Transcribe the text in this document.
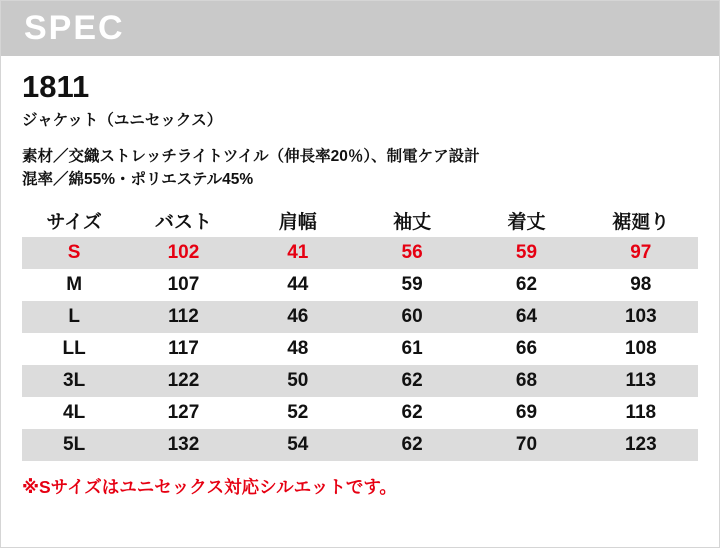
SPEC
1811
ジャケット（ユニセックス）
素材／交織ストレッチライトツイル（伸長率20％）、制電ケア設計
混率／綿55%・ポリエステル45%
サイズ	バスト	肩幅	袖丈	着丈	裾廻り
S	102	41	56	59	97
M	107	44	59	62	98
L	112	46	60	64	103
LL	117	48	61	66	108
3L	122	50	62	68	113
4L	127	52	62	69	118
5L	132	54	62	70	123
※Sサイズはユニセックス対応シルエットです。
